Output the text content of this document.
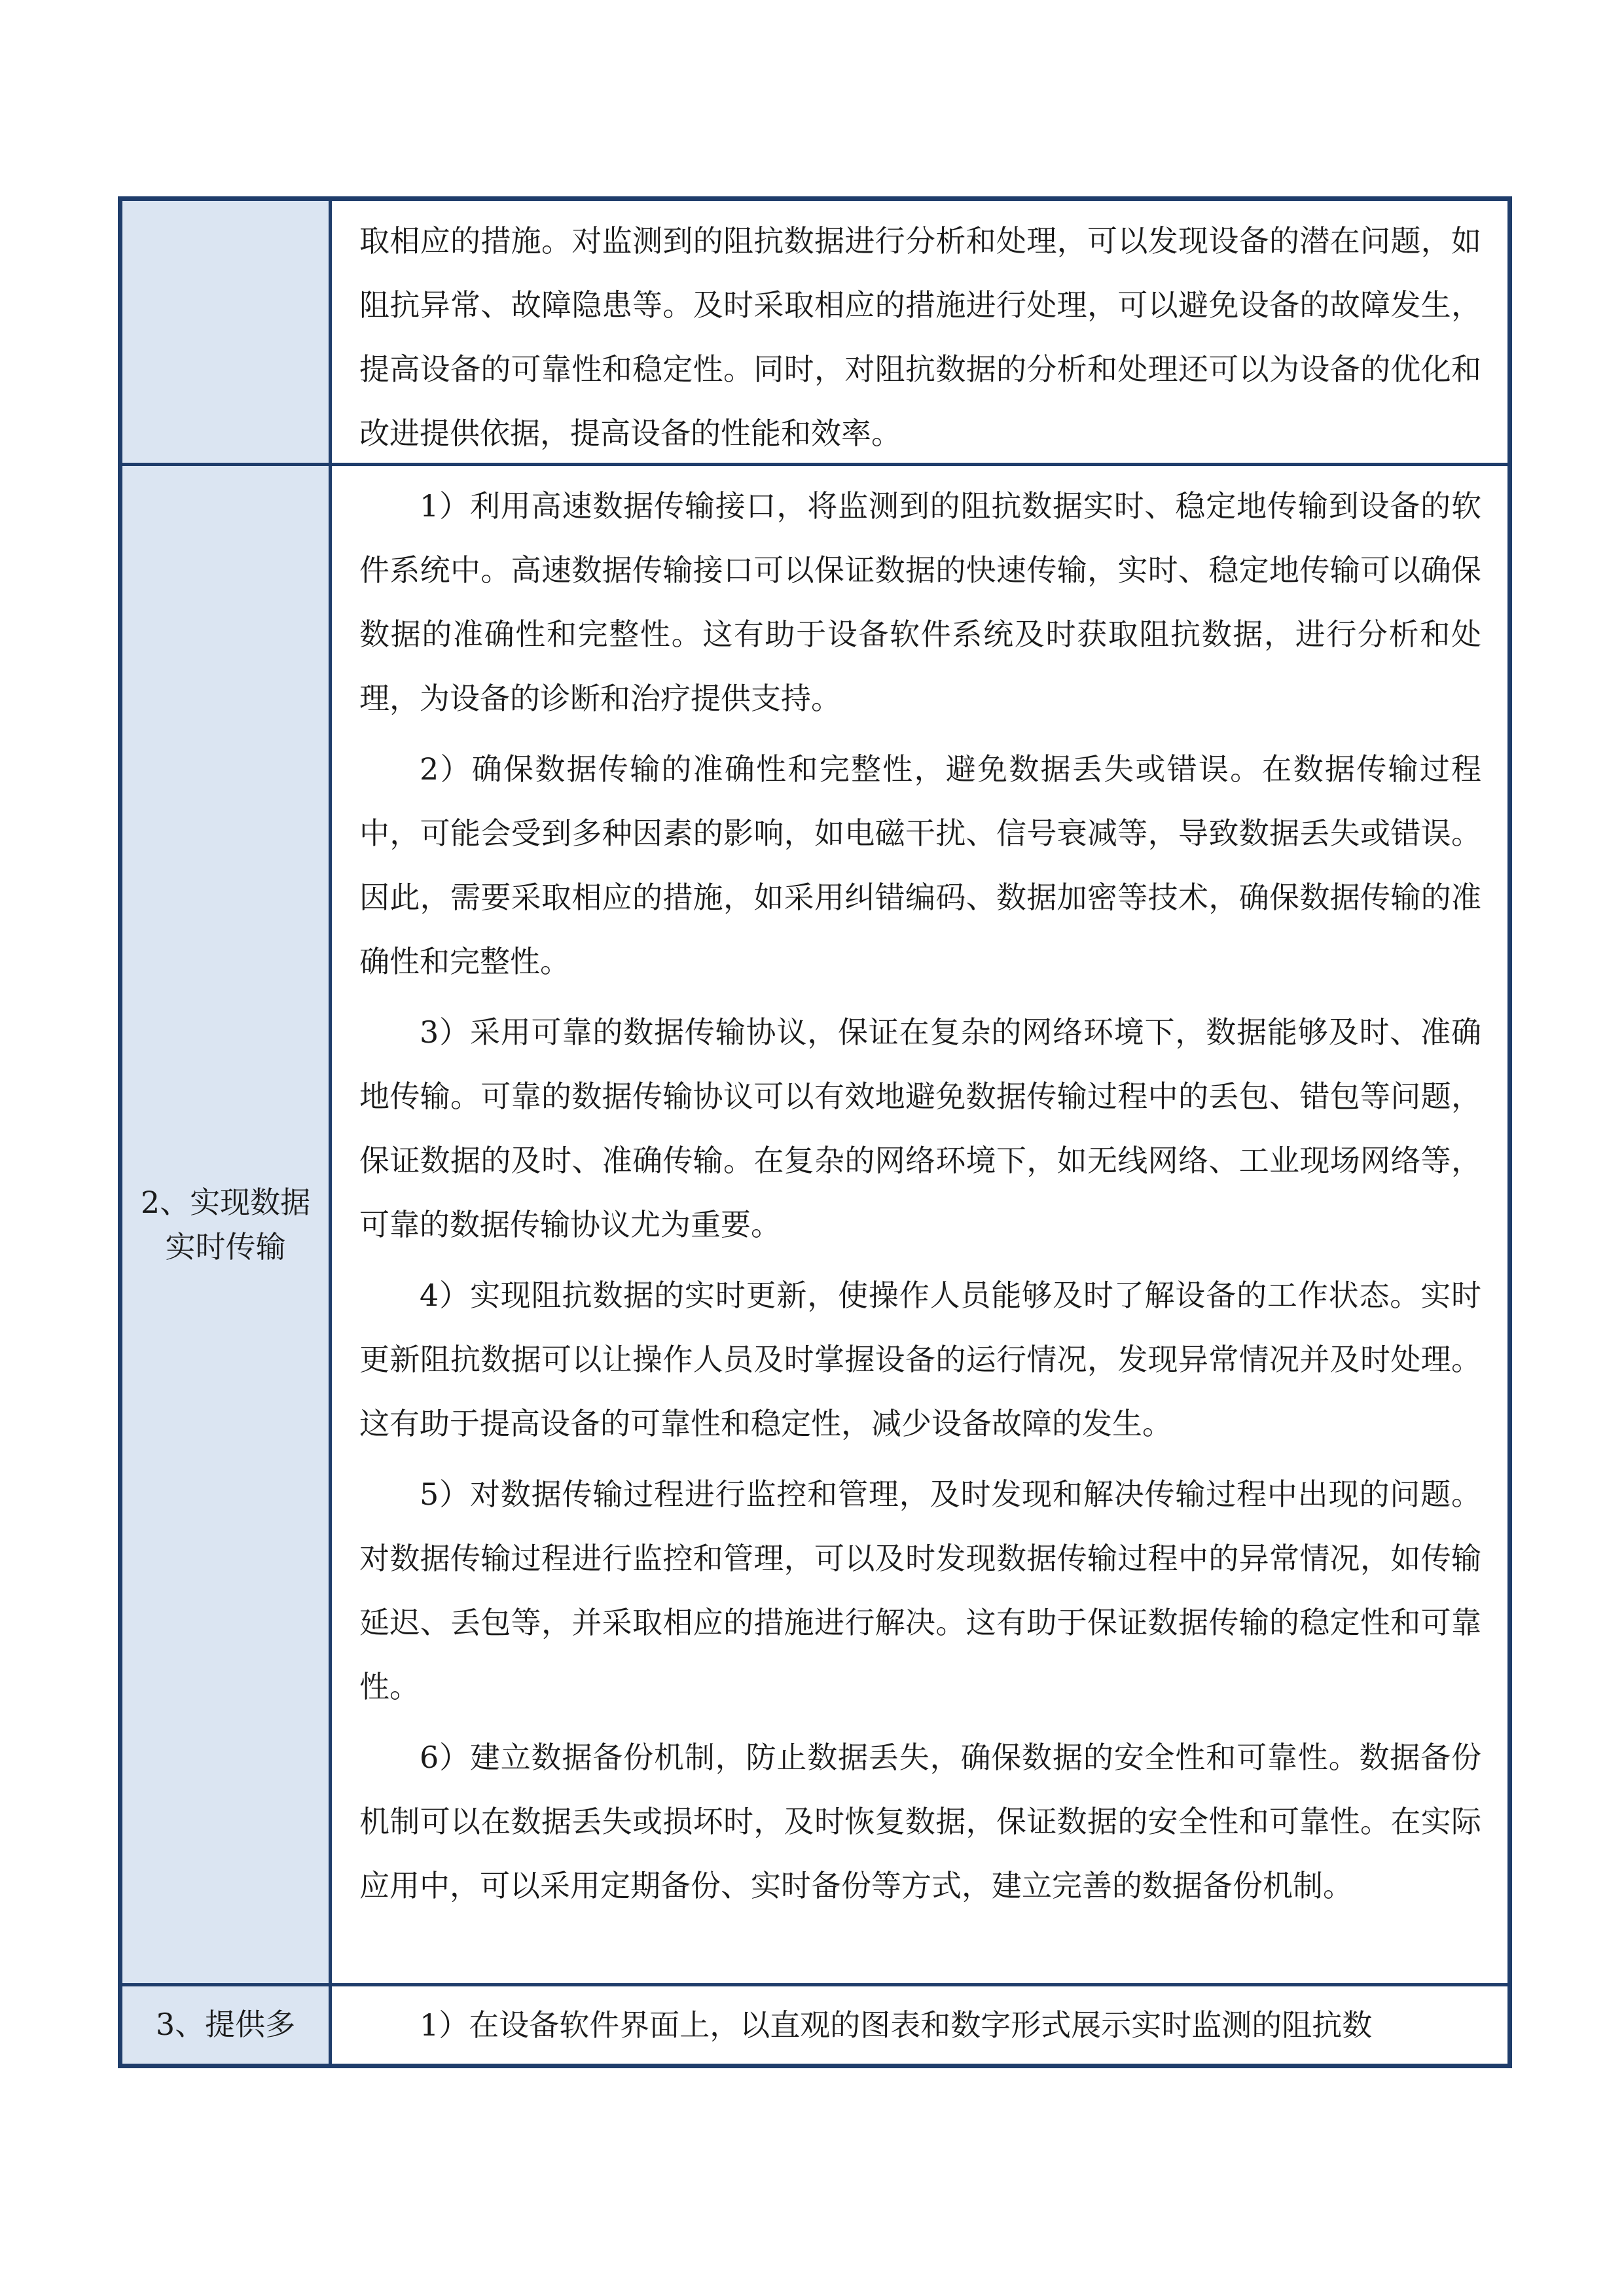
取相应的措施。对监测到的阻抗数据进行分析和处理，可以发现设备的潜在问题，如阻抗异常、故障隐患等。及时采取相应的措施进行处理，可以避免设备的故障发生，提高设备的可靠性和稳定性。同时，对阻抗数据的分析和处理还可以为设备的优化和改进提供依据，提高设备的性能和效率。

2、实现数据实时传输

1）利用高速数据传输接口，将监测到的阻抗数据实时、稳定地传输到设备的软件系统中。高速数据传输接口可以保证数据的快速传输，实时、稳定地传输可以确保数据的准确性和完整性。这有助于设备软件系统及时获取阻抗数据，进行分析和处理，为设备的诊断和治疗提供支持。

2）确保数据传输的准确性和完整性，避免数据丢失或错误。在数据传输过程中，可能会受到多种因素的影响，如电磁干扰、信号衰减等，导致数据丢失或错误。因此，需要采取相应的措施，如采用纠错编码、数据加密等技术，确保数据传输的准确性和完整性。

3）采用可靠的数据传输协议，保证在复杂的网络环境下，数据能够及时、准确地传输。可靠的数据传输协议可以有效地避免数据传输过程中的丢包、错包等问题，保证数据的及时、准确传输。在复杂的网络环境下，如无线网络、工业现场网络等，可靠的数据传输协议尤为重要。

4）实现阻抗数据的实时更新，使操作人员能够及时了解设备的工作状态。实时更新阻抗数据可以让操作人员及时掌握设备的运行情况，发现异常情况并及时处理。这有助于提高设备的可靠性和稳定性，减少设备故障的发生。

5）对数据传输过程进行监控和管理，及时发现和解决传输过程中出现的问题。对数据传输过程进行监控和管理，可以及时发现数据传输过程中的异常情况，如传输延迟、丢包等，并采取相应的措施进行解决。这有助于保证数据传输的稳定性和可靠性。

6）建立数据备份机制，防止数据丢失，确保数据的安全性和可靠性。数据备份机制可以在数据丢失或损坏时，及时恢复数据，保证数据的安全性和可靠性。在实际应用中，可以采用定期备份、实时备份等方式，建立完善的数据备份机制。

3、提供多	1）在设备软件界面上，以直观的图表和数字形式展示实时监测的阻抗数
